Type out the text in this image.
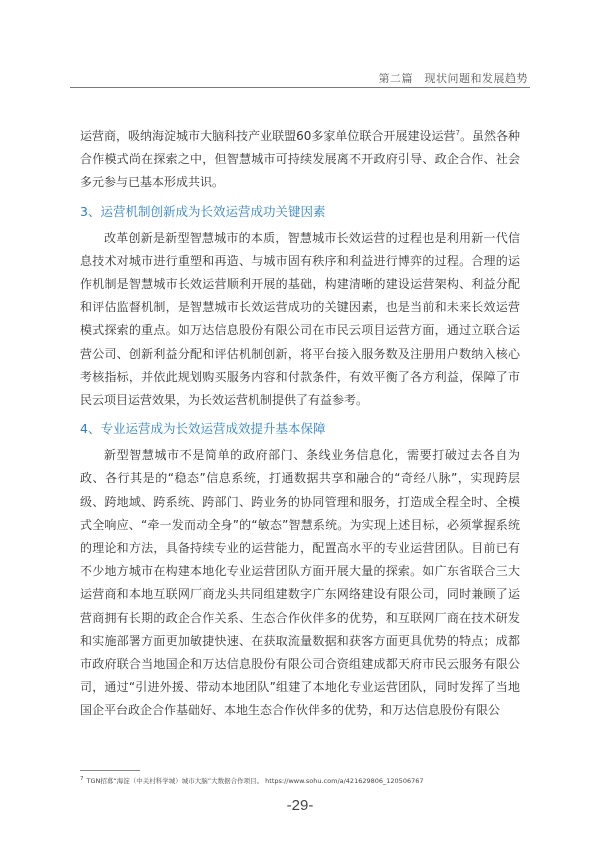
第二篇　现状问题和发展趋势

运营商，吸纳海淀城市大脑科技产业联盟60多家单位联合开展建设运营$^7$。虽然各种合作模式尚在探索之中，但智慧城市可持续发展离不开政府引导、政企合作、社会多元参与已基本形成共识。

3、运营机制创新成为长效运营成功关键因素

改革创新是新型智慧城市的本质，智慧城市长效运营的过程也是利用新一代信息技术对城市进行重塑和再造、与城市固有秩序和利益进行博弈的过程。合理的运作机制是智慧城市长效运营顺利开展的基础，构建清晰的建设运营架构、利益分配和评估监督机制，是智慧城市长效运营成功的关键因素，也是当前和未来长效运营模式探索的重点。如万达信息股份有限公司在市民云项目运营方面，通过立联合运营公司、创新利益分配和评估机制创新，将平台接入服务数及注册用户数纳入核心考核指标，并依此规划购买服务内容和付款条件，有效平衡了各方利益，保障了市民云项目运营效果，为长效运营机制提供了有益参考。

4、专业运营成为长效运营成效提升基本保障

新型智慧城市不是简单的政府部门、条线业务信息化，需要打破过去各自为政、各行其是的“稳态”信息系统，打通数据共享和融合的“奇经八脉”，实现跨层级、跨地域、跨系统、跨部门、跨业务的协同管理和服务，打造成全程全时、全模式全响应、“牵一发而动全身”的“敏态”智慧系统。为实现上述目标，必须掌握系统的理论和方法，具备持续专业的运营能力，配置高水平的专业运营团队。目前已有不少地方城市在构建本地化专业运营团队方面开展大量的探索。如广东省联合三大运营商和本地互联网厂商龙头共同组建数字广东网络建设有限公司，同时兼顾了运营商拥有长期的政企合作关系、生态合作伙伴多的优势，和互联网厂商在技术研发和实施部署方面更加敏捷快速、在获取流量数据和获客方面更具优势的特点；成都市政府联合当地国企和万达信息股份有限公司合资组建成都天府市民云服务有限公司，通过“引进外援、带动本地团队”组建了本地化专业运营团队，同时发挥了当地国企平台政企合作基础好、本地生态合作伙伴多的优势，和万达信息股份有限公

$^7$ TGN招募“海淀（中关村科学城）城市大脑”大数据合作项目。 https://www.sohu.com/a/421629806_120506767
-29-
